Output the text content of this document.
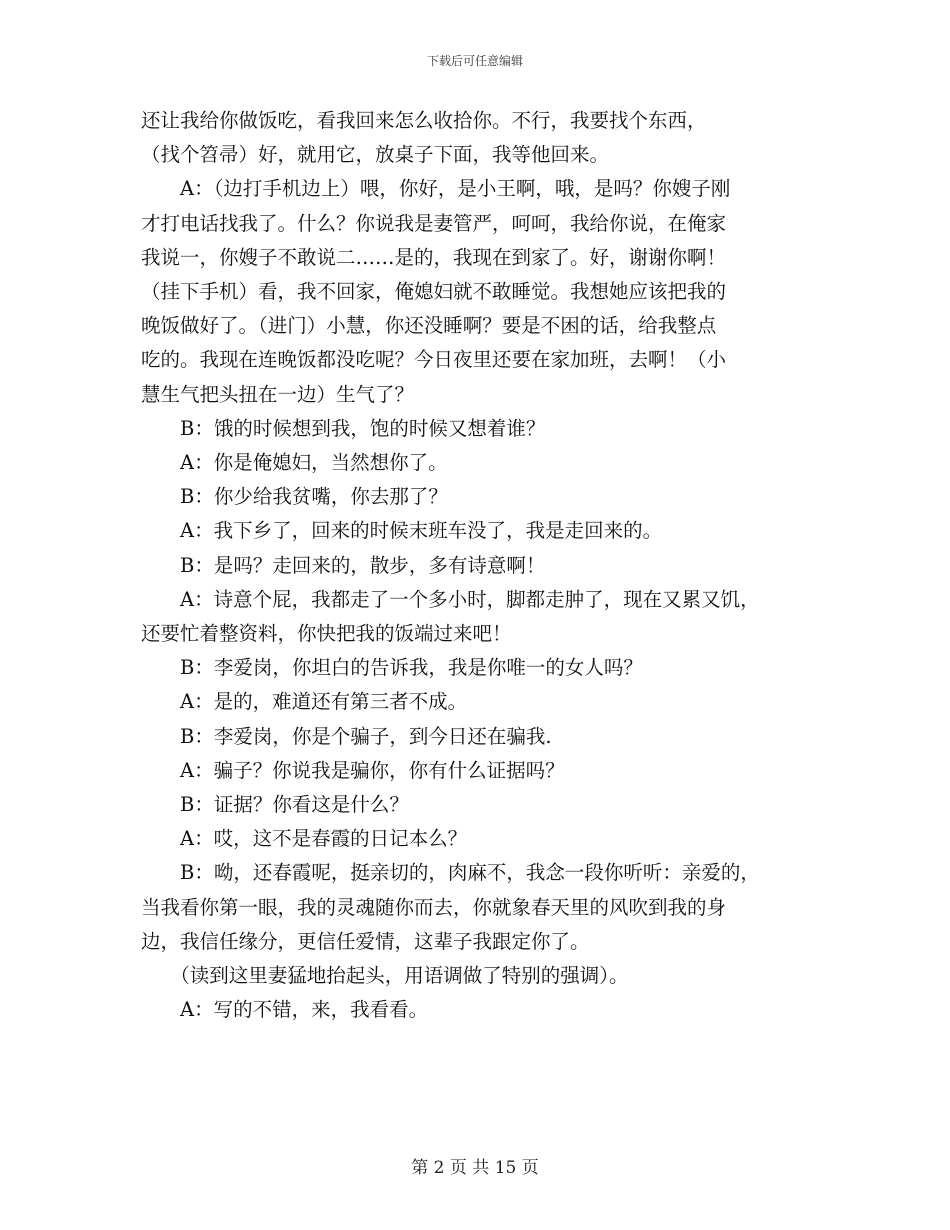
下载后可任意编辑

还让我给你做饭吃，看我回来怎么收拾你。不行，我要找个东西，

（找个笤帚）好，就用它，放桌子下面，我等他回来。

　　A：（边打手机边上）喂，你好，是小王啊，哦，是吗？你嫂子刚

才打电话找我了。什么？你说我是妻管严，呵呵，我给你说，在俺家

我说一，你嫂子不敢说二……是的，我现在到家了。好，谢谢你啊！

（挂下手机）看，我不回家，俺媳妇就不敢睡觉。我想她应该把我的

晚饭做好了。（进门）小慧，你还没睡啊？要是不困的话，给我整点

吃的。我现在连晚饭都没吃呢？今日夜里还要在家加班，去啊！（小

慧生气把头扭在一边）生气了？

　　B：饿的时候想到我，饱的时候又想着谁？

　　A：你是俺媳妇，当然想你了。

　　B：你少给我贫嘴，你去那了？

　　A：我下乡了，回来的时候末班车没了，我是走回来的。

　　B：是吗？走回来的，散步，多有诗意啊！

　　A：诗意个屁，我都走了一个多小时，脚都走肿了，现在又累又饥，

还要忙着整资料，你快把我的饭端过来吧！

　　B：李爱岗，你坦白的告诉我，我是你唯一的女人吗？

　　A：是的，难道还有第三者不成。

　　B：李爱岗，你是个骗子，到今日还在骗我.

　　A：骗子？你说我是骗你，你有什么证据吗？

　　B：证据？你看这是什么？

　　A：哎，这不是春霞的日记本么？

　　B：呦，还春霞呢，挺亲切的，肉麻不，我念一段你听听：亲爱的，

当我看你第一眼，我的灵魂随你而去，你就象春天里的风吹到我的身

边，我信任缘分，更信任爱情，这辈子我跟定你了。

　　（读到这里妻猛地抬起头，用语调做了特别的强调）。

　　A：写的不错，来，我看看。

第 2 页 共 15 页
